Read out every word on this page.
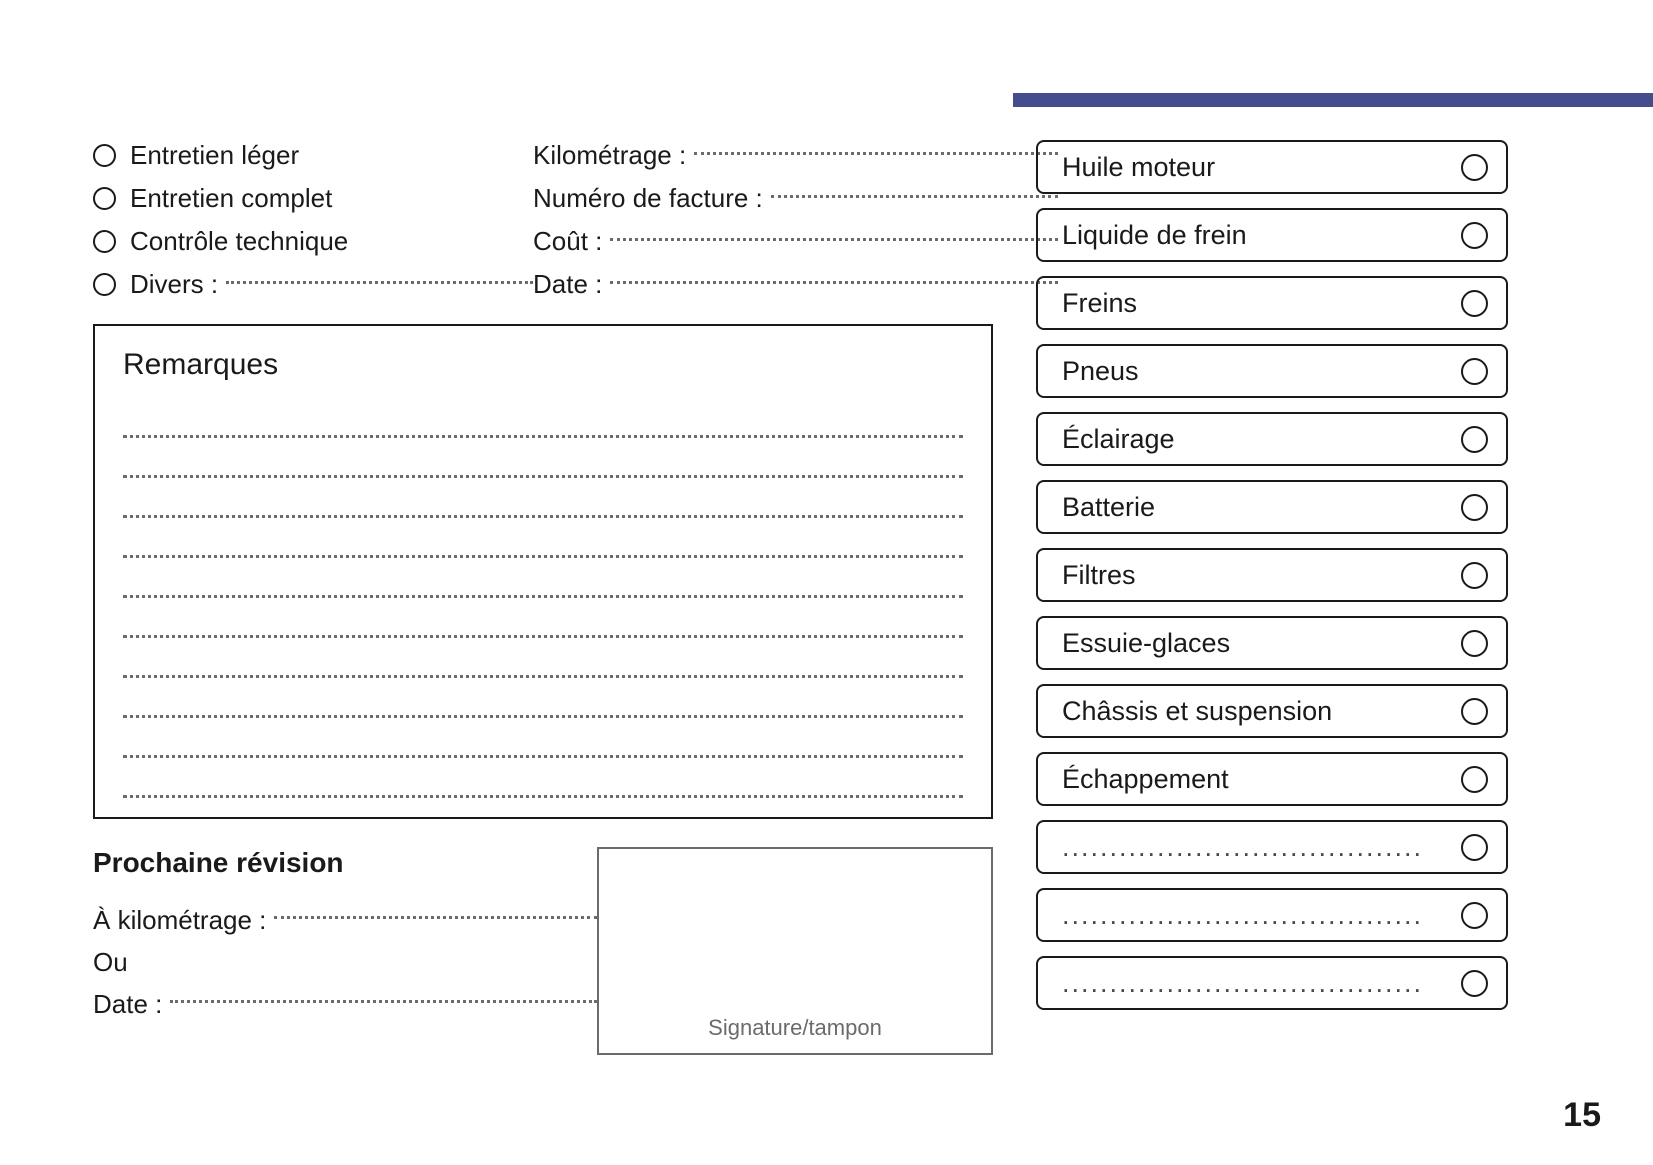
Entretien léger
Entretien complet
Contrôle technique
Divers :
Kilométrage :
Numéro de facture :
Coût :
Date :
Remarques
Prochaine révision
À kilométrage :
Ou
Date :
Signature/tampon
Huile moteur
Liquide de frein
Freins
Pneus
Éclairage
Batterie
Filtres
Essuie-glaces
Châssis et suspension
Échappement
......................................
......................................
......................................
15
